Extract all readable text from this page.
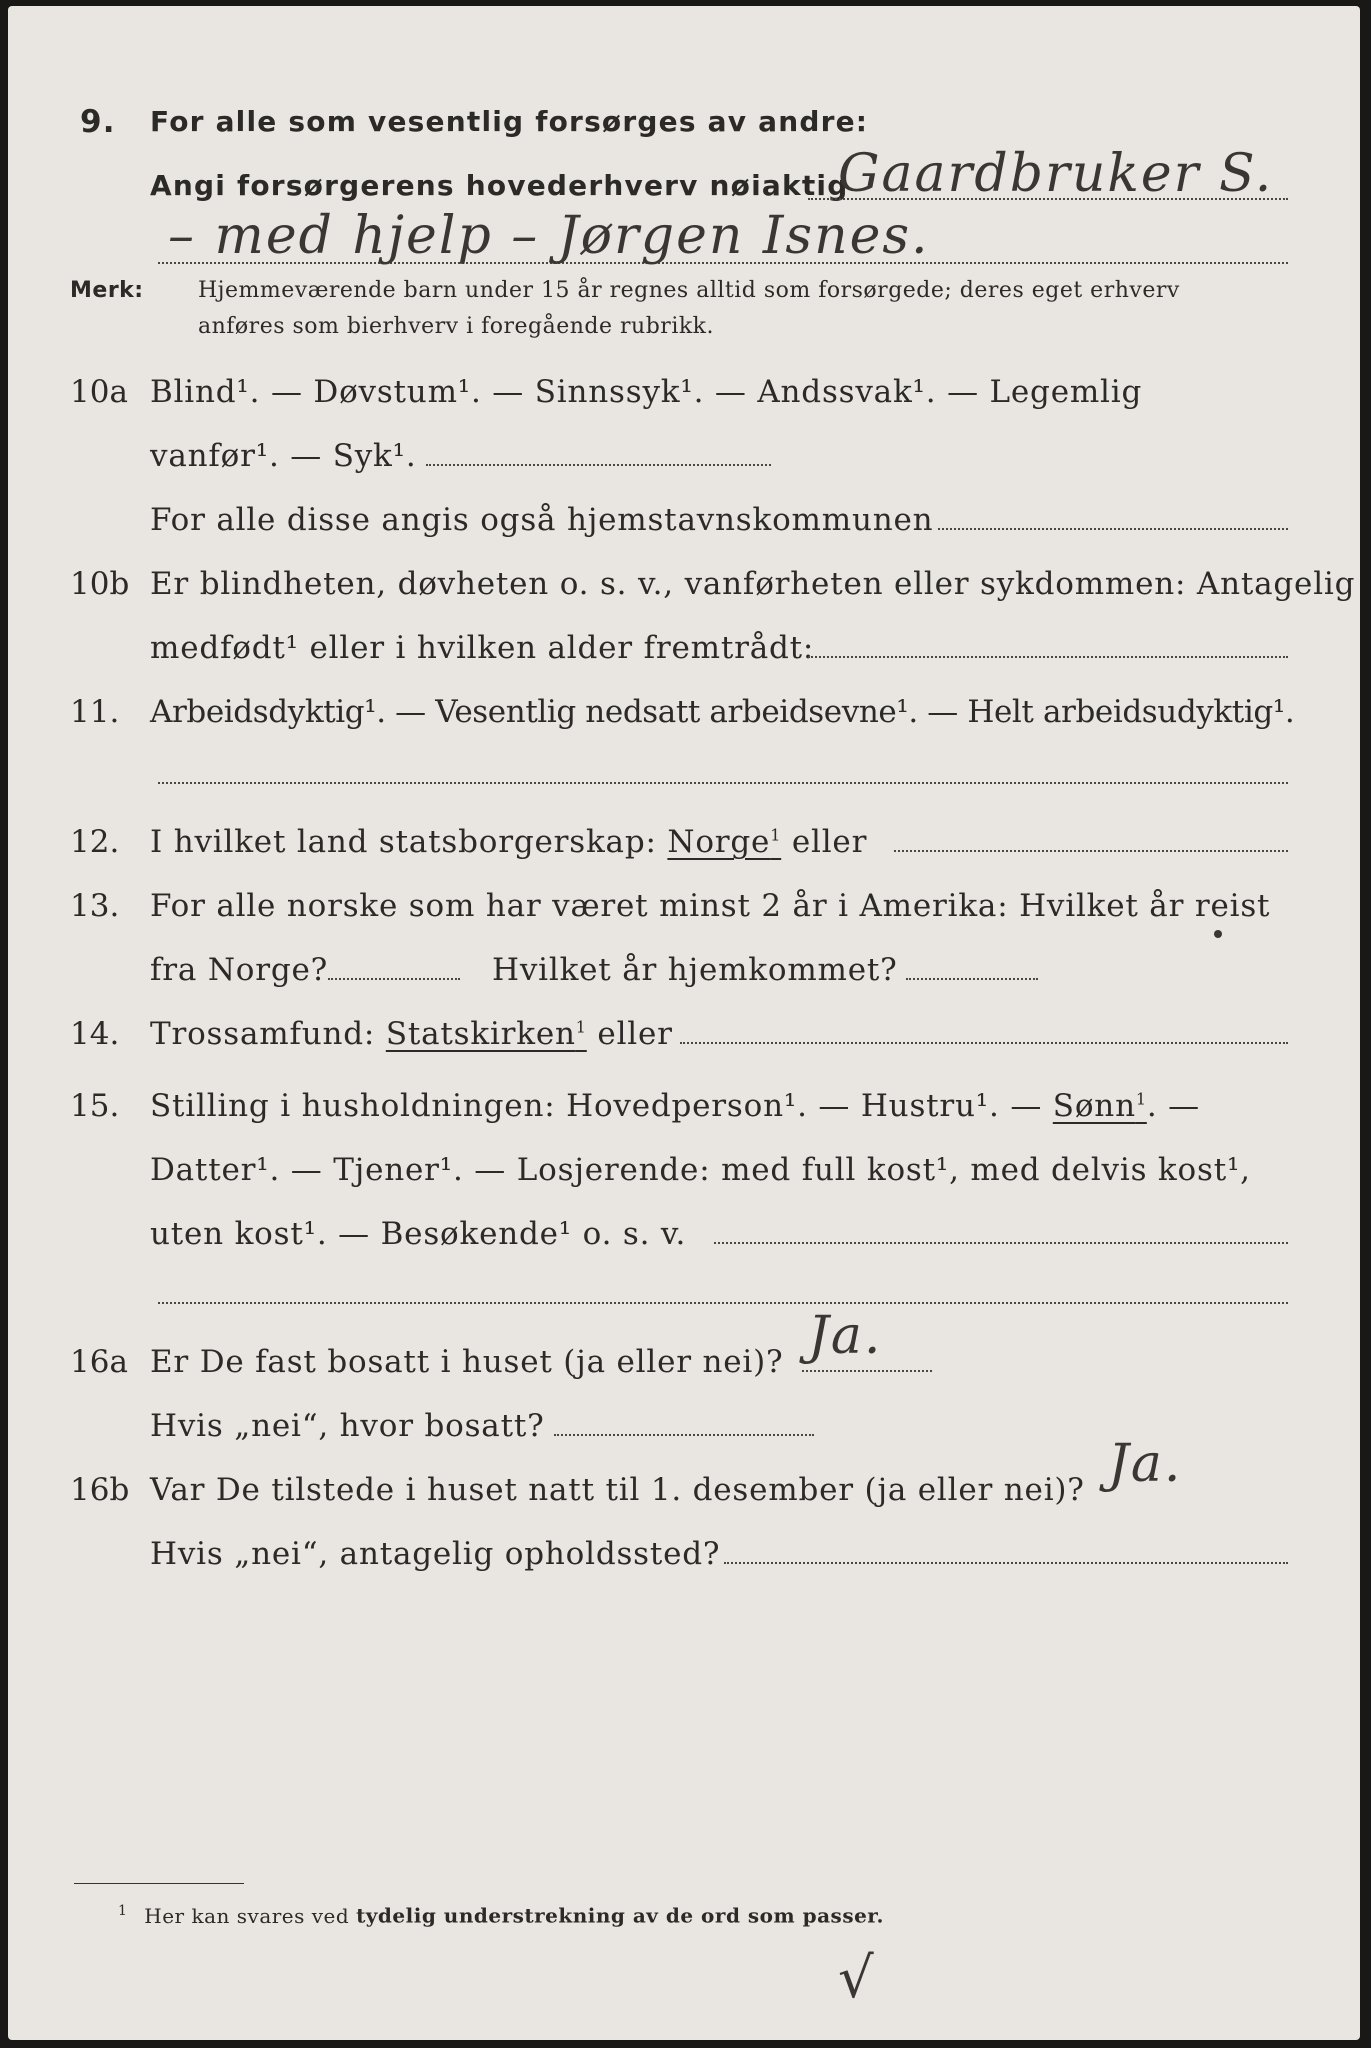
9. For alle som vesentlig forsørges av andre:
Angi forsørgerens hovederhverv nøiaktig
Gaardbruker S.
– med hjelp – Jørgen Isnes.
Merk: Hjemmeværende barn under 15 år regnes alltid som forsørgede; deres eget erhverv
anføres som bierhverv i foregående rubrikk.
10a Blind¹. — Døvstum¹. — Sinnssyk¹. — Andssvak¹. — Legemlig
vanfør¹. — Syk¹.
For alle disse angis også hjemstavnskommunen
10b Er blindheten, døvheten o. s. v., vanførheten eller sykdommen: Antagelig
medfødt¹ eller i hvilken alder fremtrådt:
11. Arbeidsdyktig¹. — Vesentlig nedsatt arbeidsevne¹. — Helt arbeidsudyktig¹.
12. I hvilket land statsborgerskap: Norge$^1$ eller
13. For alle norske som har været minst 2 år i Amerika: Hvilket år reist
fra Norge?	Hvilket år hjemkommet?
14. Trossamfund: Statskirken$^1$ eller
15. Stilling i husholdningen: Hovedperson¹. — Hustru¹. — Sønn$^1$. —
Datter¹. — Tjener¹. — Losjerende: med full kost¹, med delvis kost¹,
uten kost¹. — Besøkende¹ o. s. v.
16a Er De fast bosatt i huset (ja eller nei)? Ja.
Hvis „nei“, hvor bosatt?
16b Var De tilstede i huset natt til 1. desember (ja eller nei)? Ja.
Hvis „nei“, antagelig opholdssted?
$^1$ Her kan svares ved tydelig understrekning av de ord som passer.
√
